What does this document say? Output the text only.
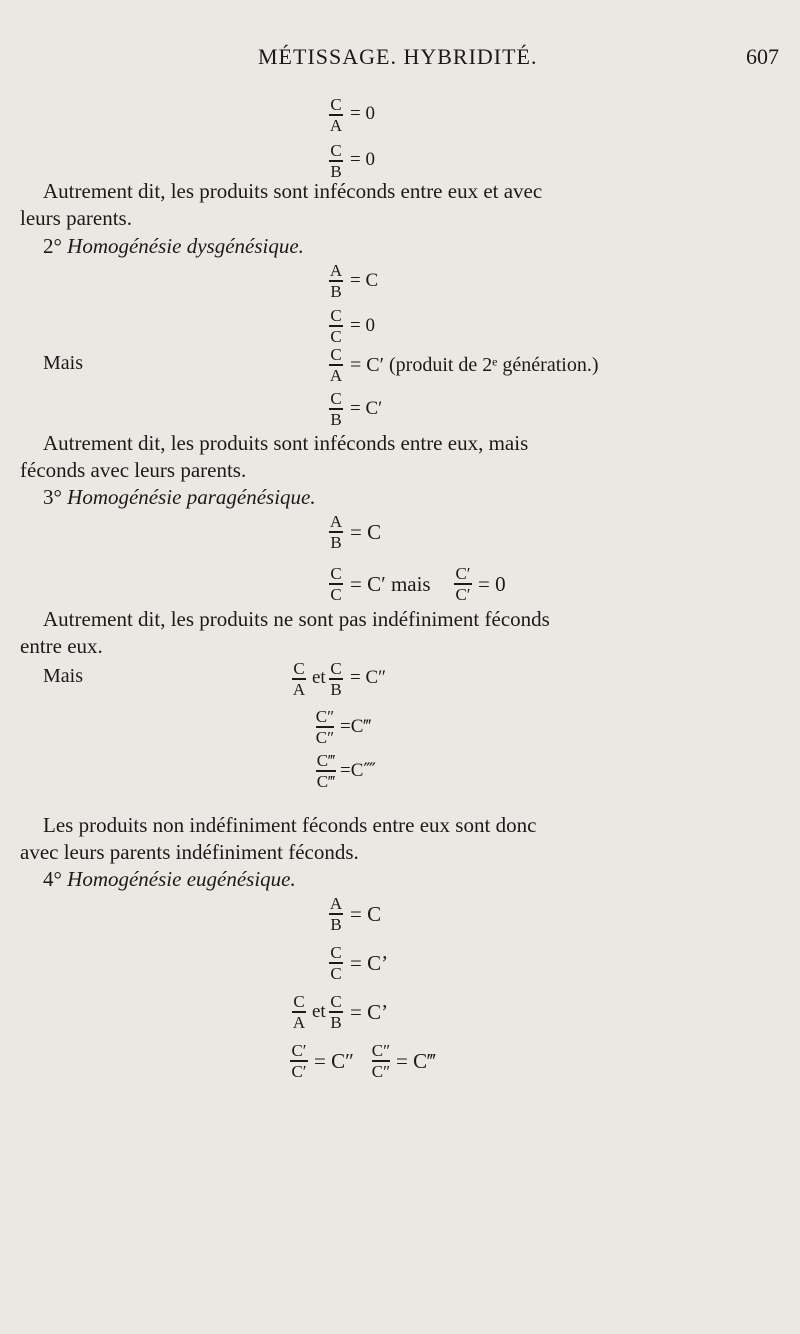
MÉTISSAGE. HYBRIDITÉ.	607
C
A
= 0
C
B
= 0
Autrement dit, les produits sont inféconds entre eux et avec
leurs parents.
2° Homogénésie dysgénésique.
A
B = C
C
C = 0
Mais	C
A = C′ (produit de 2ᵉ génération.)
C
B = C′
Autrement dit, les produits sont inféconds entre eux, mais
féconds avec leurs parents.
3° Homogénésie paragénésique.
A
B = C
C
C = C′ mais C′
C′ = 0
Autrement dit, les produits ne sont pas indéfiniment féconds
entre eux.
Mais	C
A
et C
B
= C″
C″
C″ =C‴
C‴
C‴ =C⁗
Les produits non indéfiniment féconds entre eux sont donc
avec leurs parents indéfiniment féconds.
4° Homogénésie eugénésique.
A
B = C
C
C = C’
C
A et C
B = C’
C′
C′ = C″ C″
C″ = C‴
